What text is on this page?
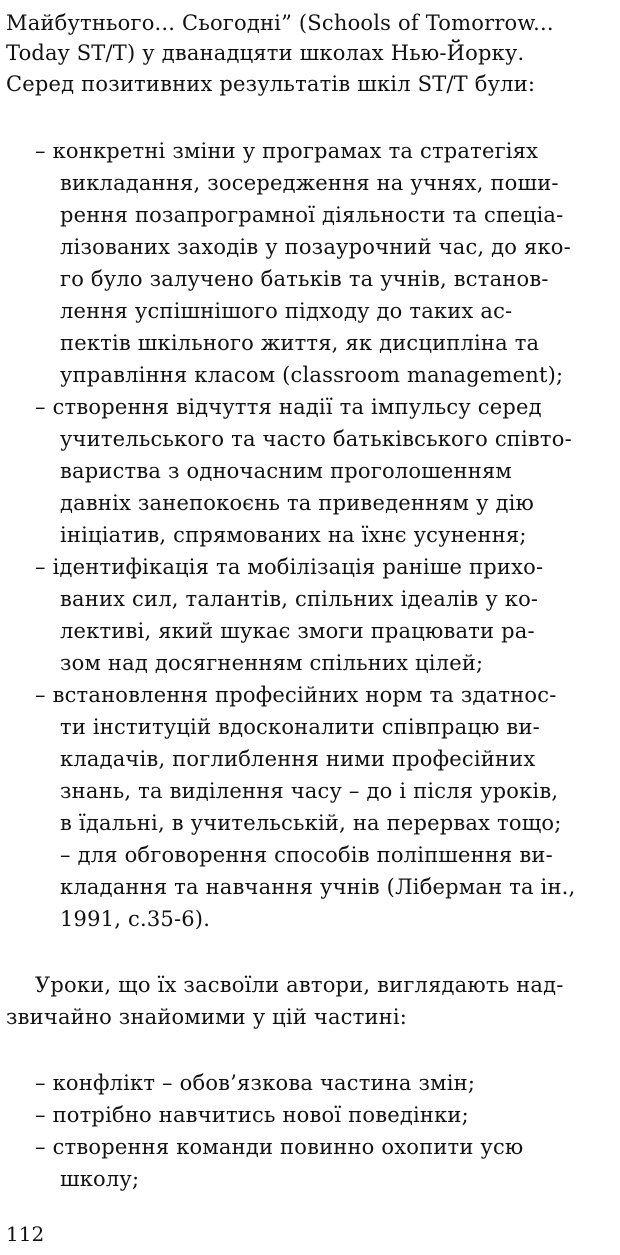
Майбутнього... Сьогодні” (Schools of Tomorrow...
Today ST/T) у дванадцяти школах Нью-Йорку.
Серед позитивних результатів шкіл ST/T були:
– конкретні зміни у програмах та стратегіях
викладання, зосередження на учнях, поши-
рення позапрограмної діяльности та спеціа-
лізованих заходів у позаурочний час, до яко-
го було залучено батьків та учнів, встанов-
лення успішнішого підходу до таких ас-
пектів шкільного життя, як дисципліна та
управління класом (classroom management);
– створення відчуття надії та імпульсу серед
учительського та часто батьківського співто-
вариства з одночасним проголошенням
давніх занепокоєнь та приведенням у дію
ініціатив, спрямованих на їхнє усунення;
– ідентифікація та мобілізація раніше прихо-
ваних сил, талантів, спільних ідеалів у ко-
лективі, який шукає змоги працювати ра-
зом над досягненням спільних цілей;
– встановлення професійних норм та здатнос-
ти інституцій вдосконалити співпрацю ви-
кладачів, поглиблення ними професійних
знань, та виділення часу – до і після уроків,
в їдальні, в учительській, на перервах тощо;
– для обговорення способів поліпшення ви-
кладання та навчання учнів (Ліберман та ін.,
1991, с.35-6).
Уроки, що їх засвоїли автори, виглядають над-
звичайно знайомими у цій частині:
– конфлікт – обов’язкова частина змін;
– потрібно навчитись нової поведінки;
– створення команди повинно охопити усю
школу;
112
